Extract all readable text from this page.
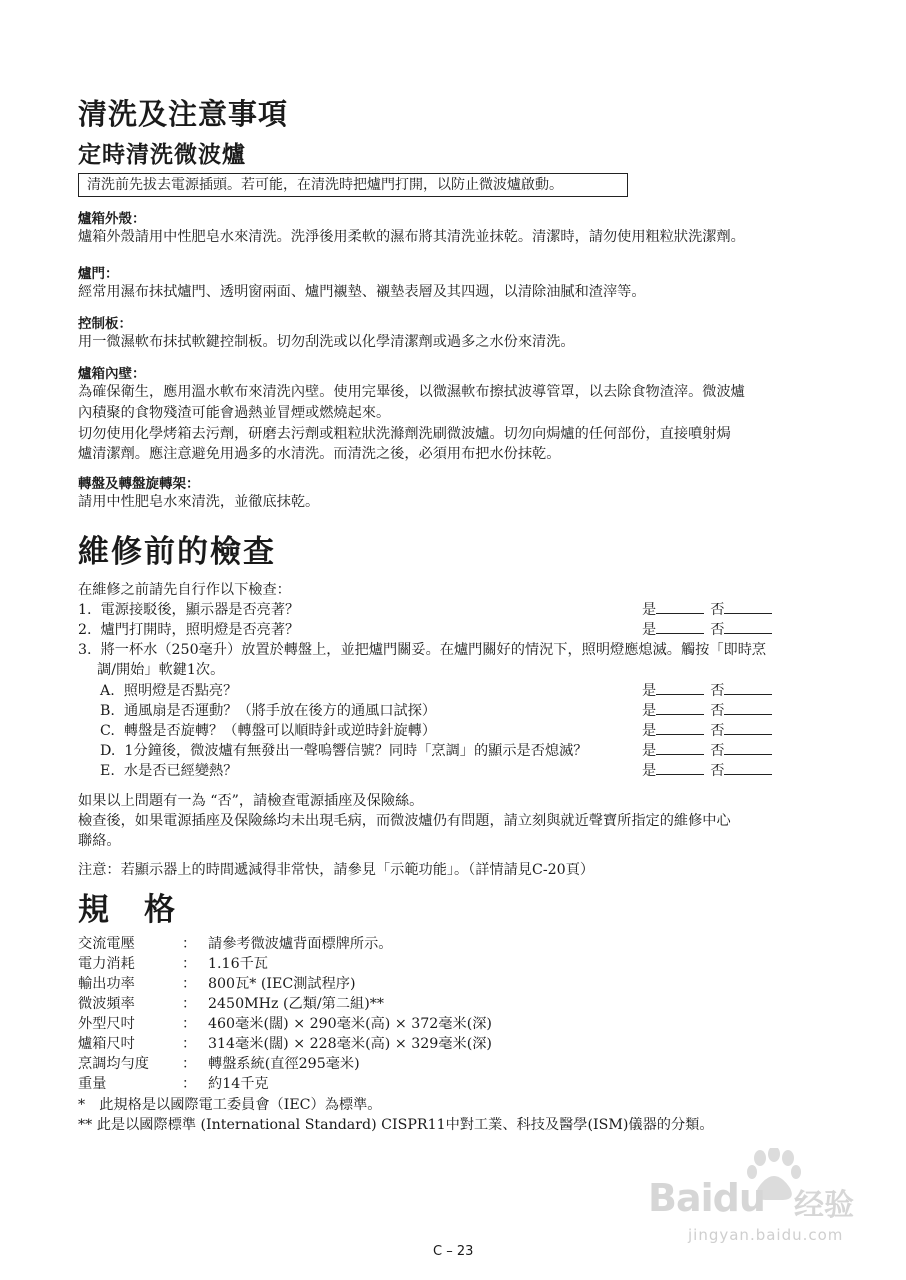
清洗及注意事項
定時清洗微波爐
清洗前先拔去電源插頭。若可能，在清洗時把爐門打開，以防止微波爐啟動。
爐箱外殼：
爐箱外殼請用中性肥皂水來清洗。洗淨後用柔軟的濕布將其清洗並抹乾。清潔時，請勿使用粗粒狀洗潔劑。
爐門：
經常用濕布抹拭爐門、透明窗兩面、爐門襯墊、襯墊表層及其四週，以清除油膩和渣滓等。
控制板：
用一微濕軟布抹拭軟鍵控制板。切勿刮洗或以化學清潔劑或過多之水份來清洗。
爐箱內壁：
為確保衛生，應用溫水軟布來清洗內壁。使用完畢後，以微濕軟布擦拭波導管罩，以去除食物渣滓。微波爐
內積聚的食物殘渣可能會過熱並冒煙或燃燒起來。
切勿使用化學烤箱去污劑，研磨去污劑或粗粒狀洗滌劑洗刷微波爐。切勿向焗爐的任何部份，直接噴射焗
爐清潔劑。應注意避免用過多的水清洗。而清洗之後，必須用布把水份抹乾。
轉盤及轉盤旋轉架：
請用中性肥皂水來清洗，並徹底抹乾。
維修前的檢查
在維修之前請先自行作以下檢查：
1. 電源接駁後，顯示器是否亮著？	是	否
2. 爐門打開時，照明燈是否亮著？	是	否
3. 將一杯水（250毫升）放置於轉盤上，並把爐門關妥。在爐門關好的情況下，照明燈應熄滅。觸按「即時烹
調/開始」軟鍵1次。
A. 照明燈是否點亮？	是	否
B. 通風扇是否運動？（將手放在後方的通風口試探）	是	否
C. 轉盤是否旋轉？（轉盤可以順時針或逆時針旋轉）	是	否
D. 1分鐘後，微波爐有無發出一聲嗚響信號？同時「烹調」的顯示是否熄滅？	是	否
E. 水是否已經變熱？	是	否
如果以上問題有一為 “否”，請檢查電源插座及保險絲。
檢查後，如果電源插座及保險絲均未出現毛病，而微波爐仍有問題，請立刻與就近聲寶所指定的維修中心
聯絡。
注意：若顯示器上的時間遞減得非常快，請參見「示範功能」。（詳情請見C-20頁）
規　格
交流電壓	： 請參考微波爐背面標牌所示。
電力消耗	： 1.16千瓦
輸出功率	： 800瓦* (IEC測試程序)
微波頻率	： 2450MHz (乙類/第二組)**
外型尺吋	： 460毫米(闊) × 290毫米(高) × 372毫米(深)
爐箱尺吋	： 314毫米(闊) × 228毫米(高) × 329毫米(深)
烹調均勻度 ： 轉盤系統(直徑295毫米)
重量	： 約14千克
*　此規格是以國際電工委員會（IEC）為標準。
** 此是以國際標準 (International Standard) CISPR11中對工業、科技及醫學(ISM)儀器的分類。
Baidu 经验
jingyan.baidu.com
C – 23
